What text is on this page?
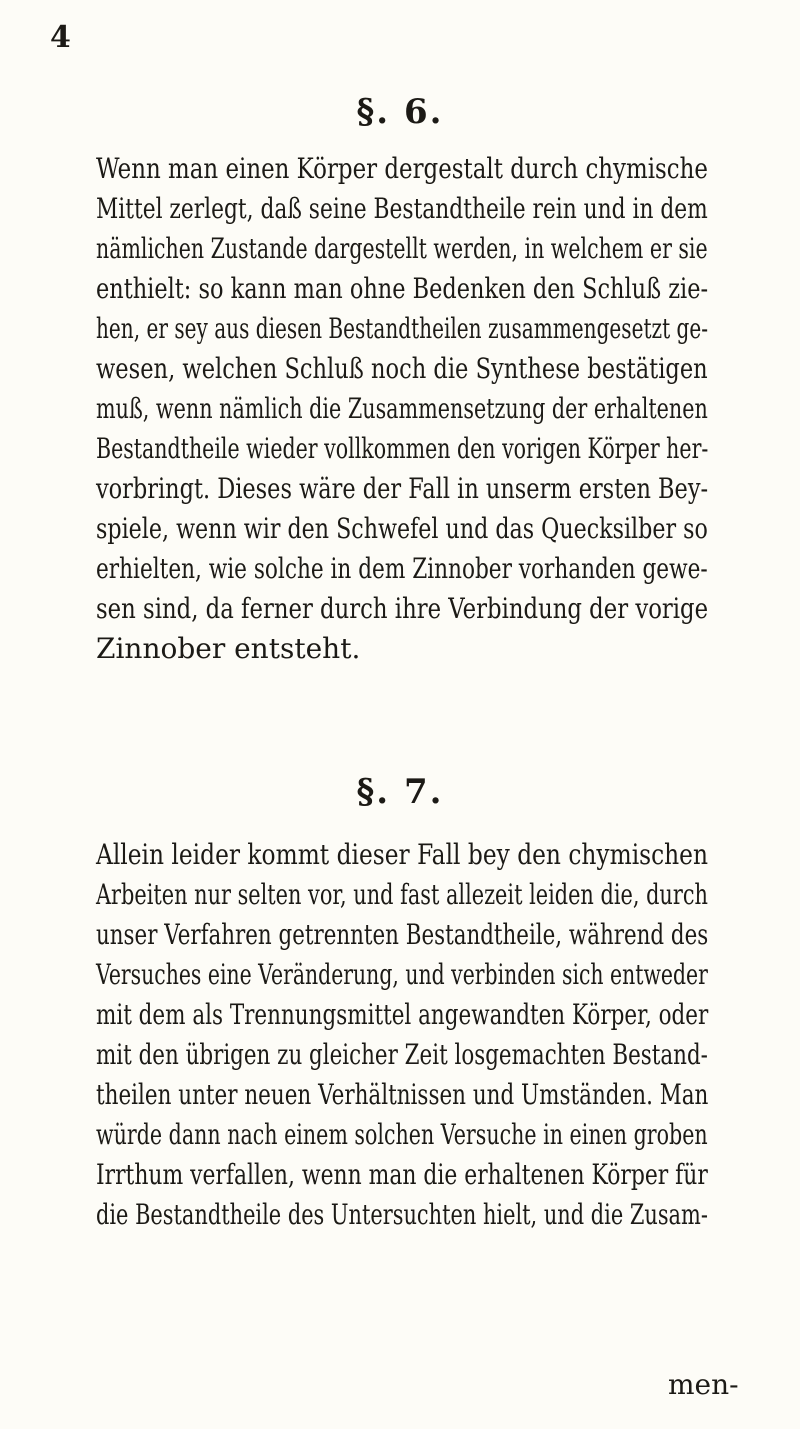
4
§. 6.
Wenn man einen Körper dergestalt durch chymische
Mittel zerlegt, daß seine Bestandtheile rein und in dem
nämlichen Zustande dargestellt werden, in welchem er sie
enthielt: so kann man ohne Bedenken den Schluß zie-
hen, er sey aus diesen Bestandtheilen zusammengesetzt ge-
wesen, welchen Schluß noch die Synthese bestätigen
muß, wenn nämlich die Zusammensetzung der erhaltenen
Bestandtheile wieder vollkommen den vorigen Körper her-
vorbringt. Dieses wäre der Fall in unserm ersten Bey-
spiele, wenn wir den Schwefel und das Quecksilber so
erhielten, wie solche in dem Zinnober vorhanden gewe-
sen sind, da ferner durch ihre Verbindung der vorige
Zinnober entsteht.
§. 7.
Allein leider kommt dieser Fall bey den chymischen
Arbeiten nur selten vor, und fast allezeit leiden die, durch
unser Verfahren getrennten Bestandtheile, während des
Versuches eine Veränderung, und verbinden sich entweder
mit dem als Trennungsmittel angewandten Körper, oder
mit den übrigen zu gleicher Zeit losgemachten Bestand-
theilen unter neuen Verhältnissen und Umständen. Man
würde dann nach einem solchen Versuche in einen groben
Irrthum verfallen, wenn man die erhaltenen Körper für
die Bestandtheile des Untersuchten hielt, und die Zusam-
men-
